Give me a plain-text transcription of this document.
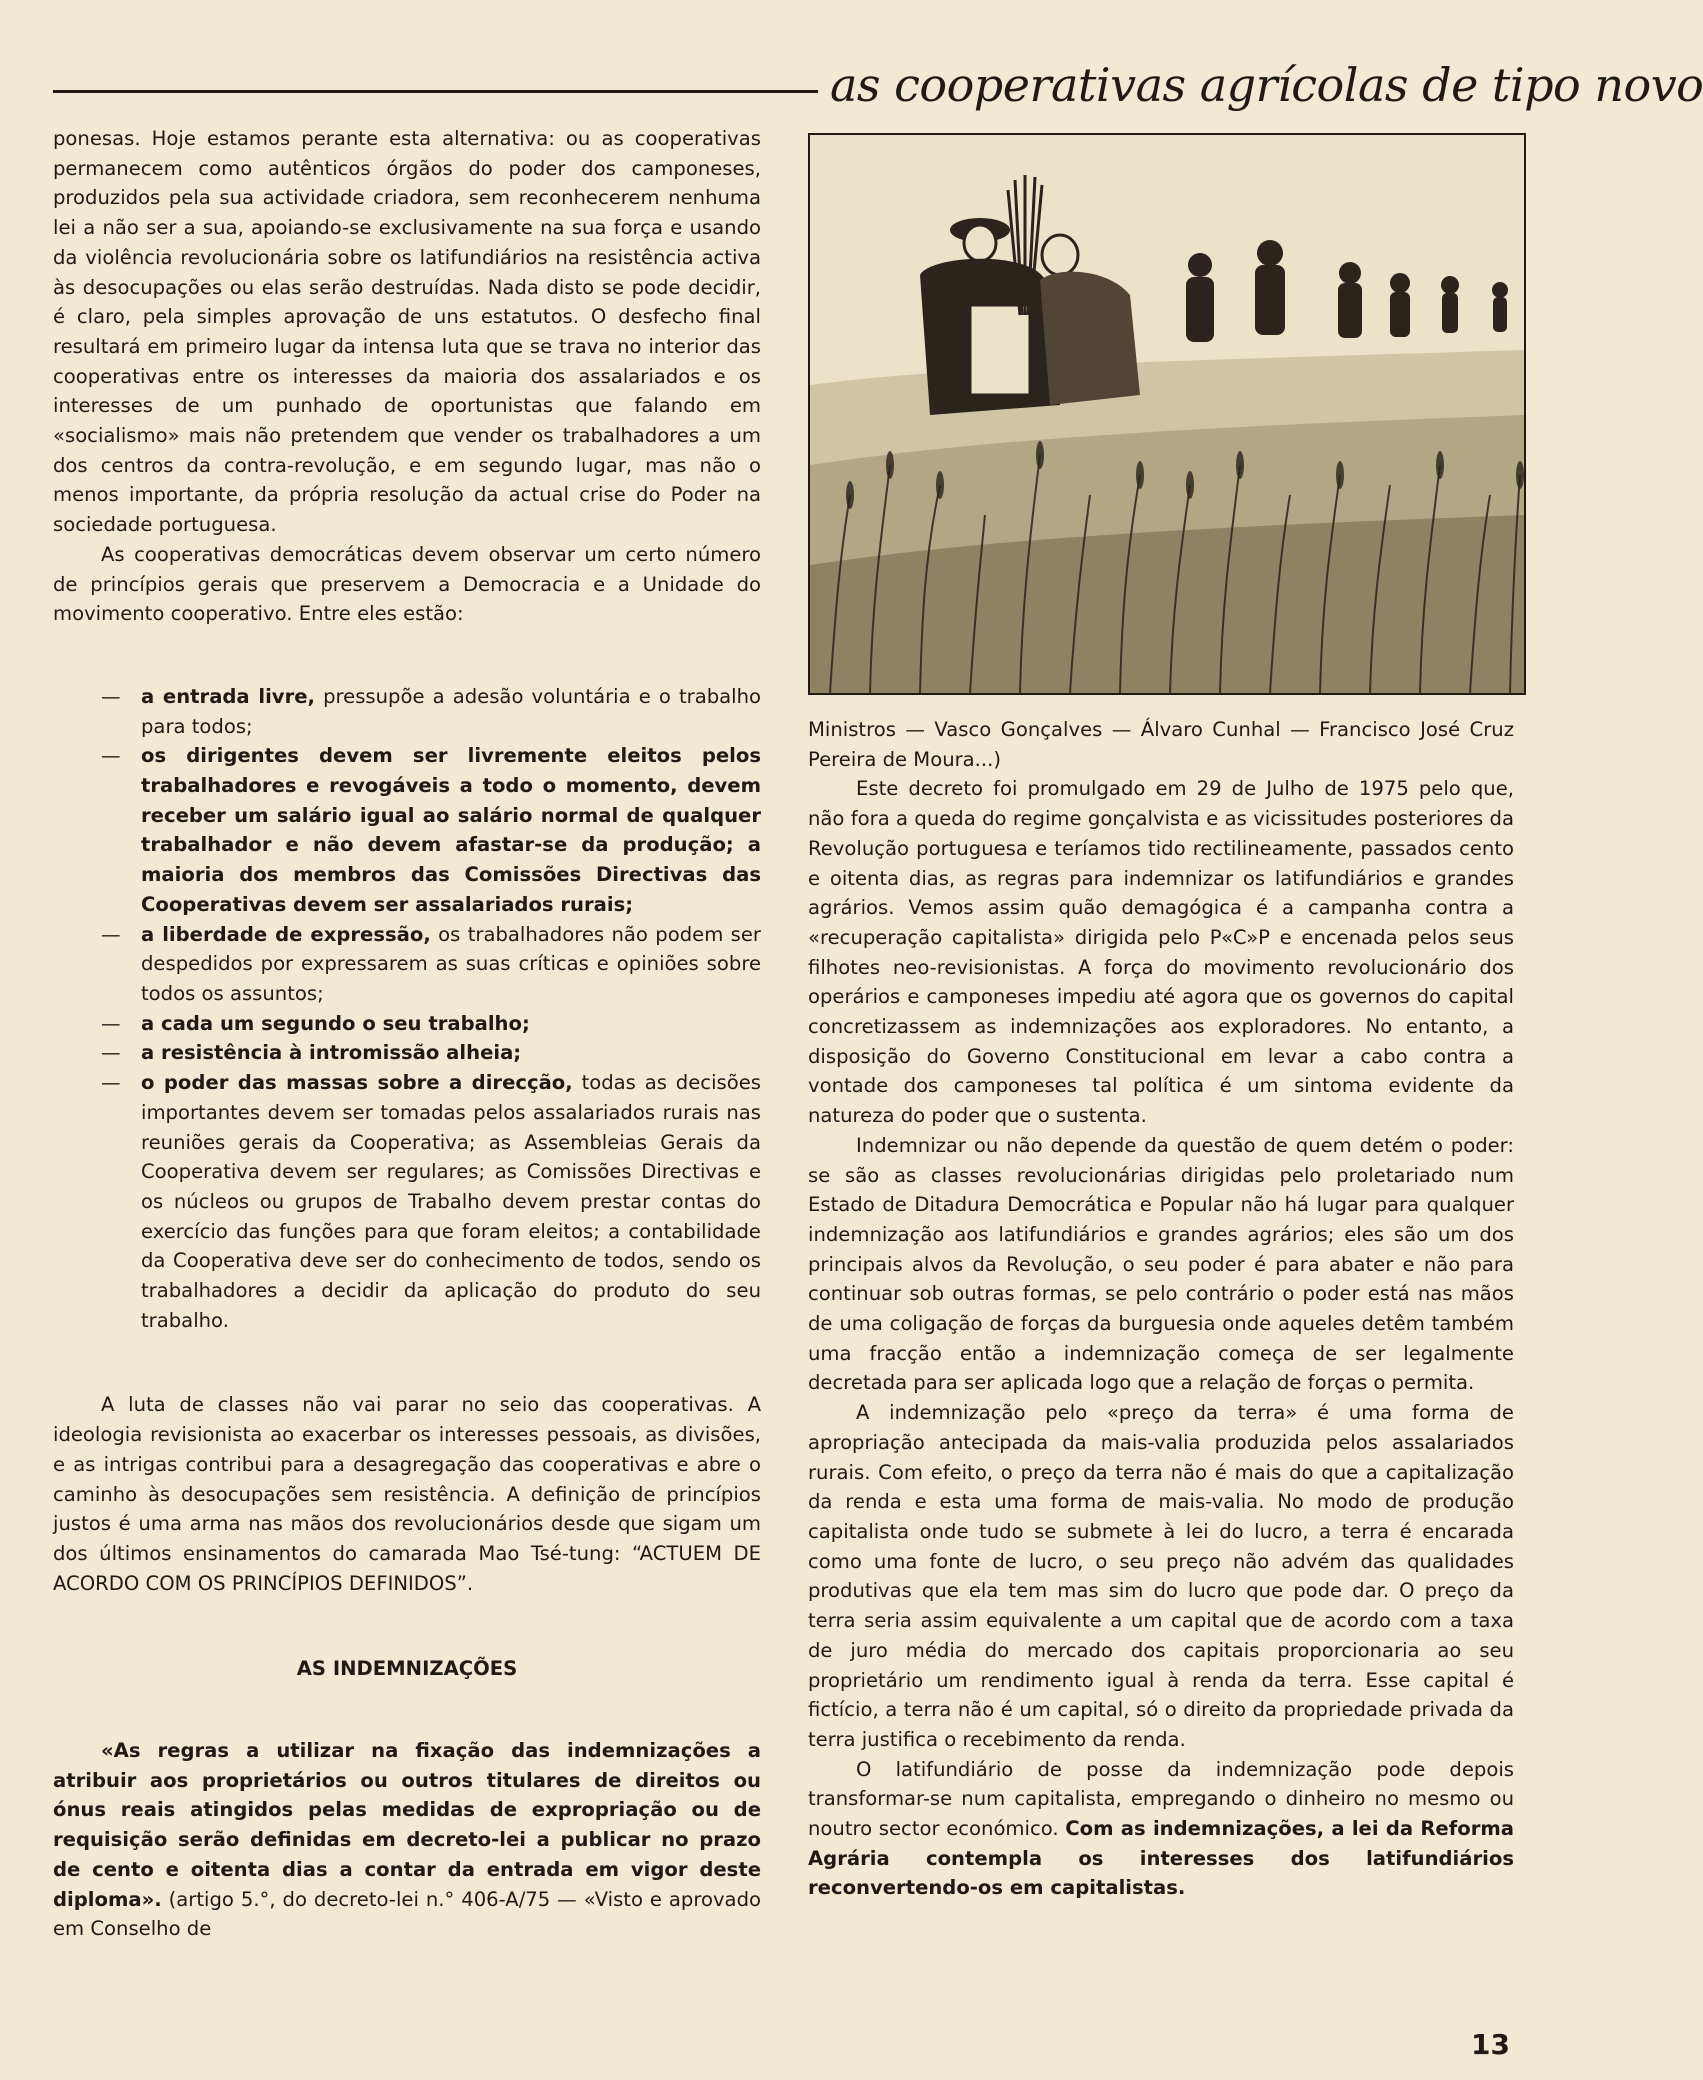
as cooperativas agrícolas de tipo novo

ponesas. Hoje estamos perante esta alternativa: ou as cooperativas permanecem como autênticos órgãos do poder dos camponeses, produzidos pela sua actividade criadora, sem reconhecerem nenhuma lei a não ser a sua, apoiando-se exclusivamente na sua força e usando da violência revolucionária sobre os latifundiários na resistência activa às desocupações ou elas serão destruídas. Nada disto se pode decidir, é claro, pela simples aprovação de uns estatutos. O desfecho final resultará em primeiro lugar da intensa luta que se trava no interior das cooperativas entre os interesses da maioria dos assalariados e os interesses de um punhado de oportunistas que falando em «socialismo» mais não pretendem que vender os trabalhadores a um dos centros da contra-revolução, e em segundo lugar, mas não o menos importante, da própria resolução da actual crise do Poder na sociedade portuguesa.

As cooperativas democráticas devem observar um certo número de princípios gerais que preservem a Democracia e a Unidade do movimento cooperativo. Entre eles estão:

— a entrada livre, pressupõe a adesão voluntária e o trabalho para todos;
— os dirigentes devem ser livremente eleitos pelos trabalhadores e revogáveis a todo o momento, devem receber um salário igual ao salário normal de qualquer trabalhador e não devem afastar-se da produção; a maioria dos membros das Comissões Directivas das Cooperativas devem ser assalariados rurais;
— a liberdade de expressão, os trabalhadores não podem ser despedidos por expressarem as suas críticas e opiniões sobre todos os assuntos;
— a cada um segundo o seu trabalho;
— a resistência à intromissão alheia;
— o poder das massas sobre a direcção, todas as decisões importantes devem ser tomadas pelos assalariados rurais nas reuniões gerais da Cooperativa; as Assembleias Gerais da Cooperativa devem ser regulares; as Comissões Directivas e os núcleos ou grupos de Trabalho devem prestar contas do exercício das funções para que foram eleitos; a contabilidade da Cooperativa deve ser do conhecimento de todos, sendo os trabalhadores a decidir da aplicação do produto do seu trabalho.

A luta de classes não vai parar no seio das cooperativas. A ideologia revisionista ao exacerbar os interesses pessoais, as divisões, e as intrigas contribui para a desagregação das cooperativas e abre o caminho às desocupações sem resistência. A definição de princípios justos é uma arma nas mãos dos revolucionários desde que sigam um dos últimos ensinamentos do camarada Mao Tsé-tung: “ACTUEM DE ACORDO COM OS PRINCÍPIOS DEFINIDOS”.

AS INDEMNIZAÇÕES

«As regras a utilizar na fixação das indemnizações a atribuir aos proprietários ou outros titulares de direitos ou ónus reais atingidos pelas medidas de expropriação ou de requisição serão definidas em decreto-lei a publicar no prazo de cento e oitenta dias a contar da entrada em vigor deste diploma». (artigo 5.°, do decreto-lei n.° 406-A/75 — «Visto e aprovado em Conselho de

Ministros — Vasco Gonçalves — Álvaro Cunhal — Francisco José Cruz Pereira de Moura...)

Este decreto foi promulgado em 29 de Julho de 1975 pelo que, não fora a queda do regime gonçalvista e as vicissitudes posteriores da Revolução portuguesa e teríamos tido rectilineamente, passados cento e oitenta dias, as regras para indemnizar os latifundiários e grandes agrários. Vemos assim quão demagógica é a campanha contra a «recuperação capitalista» dirigida pelo P«C»P e encenada pelos seus filhotes neo-revisionistas. A força do movimento revolucionário dos operários e camponeses impediu até agora que os governos do capital concretizassem as indemnizações aos exploradores. No entanto, a disposição do Governo Constitucional em levar a cabo contra a vontade dos camponeses tal política é um sintoma evidente da natureza do poder que o sustenta.

Indemnizar ou não depende da questão de quem detém o poder: se são as classes revolucionárias dirigidas pelo proletariado num Estado de Ditadura Democrática e Popular não há lugar para qualquer indemnização aos latifundiários e grandes agrários; eles são um dos principais alvos da Revolução, o seu poder é para abater e não para continuar sob outras formas, se pelo contrário o poder está nas mãos de uma coligação de forças da burguesia onde aqueles detêm também uma fracção então a indemnização começa de ser legalmente decretada para ser aplicada logo que a relação de forças o permita.

A indemnização pelo «preço da terra» é uma forma de apropriação antecipada da mais-valia produzida pelos assalariados rurais. Com efeito, o preço da terra não é mais do que a capitalização da renda e esta uma forma de mais-valia. No modo de produção capitalista onde tudo se submete à lei do lucro, a terra é encarada como uma fonte de lucro, o seu preço não advém das qualidades produtivas que ela tem mas sim do lucro que pode dar. O preço da terra seria assim equivalente a um capital que de acordo com a taxa de juro média do mercado dos capitais proporcionaria ao seu proprietário um rendimento igual à renda da terra. Esse capital é fictício, a terra não é um capital, só o direito da propriedade privada da terra justifica o recebimento da renda.

O latifundiário de posse da indemnização pode depois transformar-se num capitalista, empregando o dinheiro no mesmo ou noutro sector económico. Com as indemnizações, a lei da Reforma Agrária contempla os interesses dos latifundiários reconvertendo-os em capitalistas.

13
